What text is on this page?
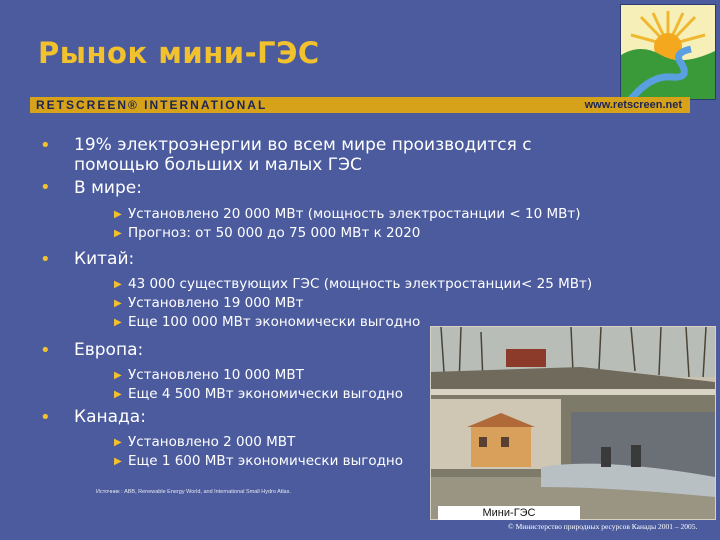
Рынок мини-ГЭС
RETSCREEN® INTERNATIONAL	www.retscreen.net
• 19% электроэнергии во всем мире производится с помощью больших и малых ГЭС
• В мире:
▶ Установлено 20 000 МВт (мощность электростанции < 10 МВт)
▶ Прогноз: от 50 000 до 75 000 МВт к 2020
• Китай:
▶ 43 000 существующих ГЭС (мощность электростанции< 25 МВт)
▶ Установлено 19 000 МВт
▶ Еще 100 000 МВт экономически выгодно
• Европа:
▶ Установлено 10 000 МВТ
▶ Еще 4 500 МВт экономически выгодно
• Канада:
▶ Установлено 2 000 МВТ
▶ Еще 1 600 МВт экономически выгодно
Мини-ГЭС
Источник : ABB, Renewable Energy World, and International Small Hydro Atlas.
© Министерство природных ресурсов Канады 2001 – 2005.
